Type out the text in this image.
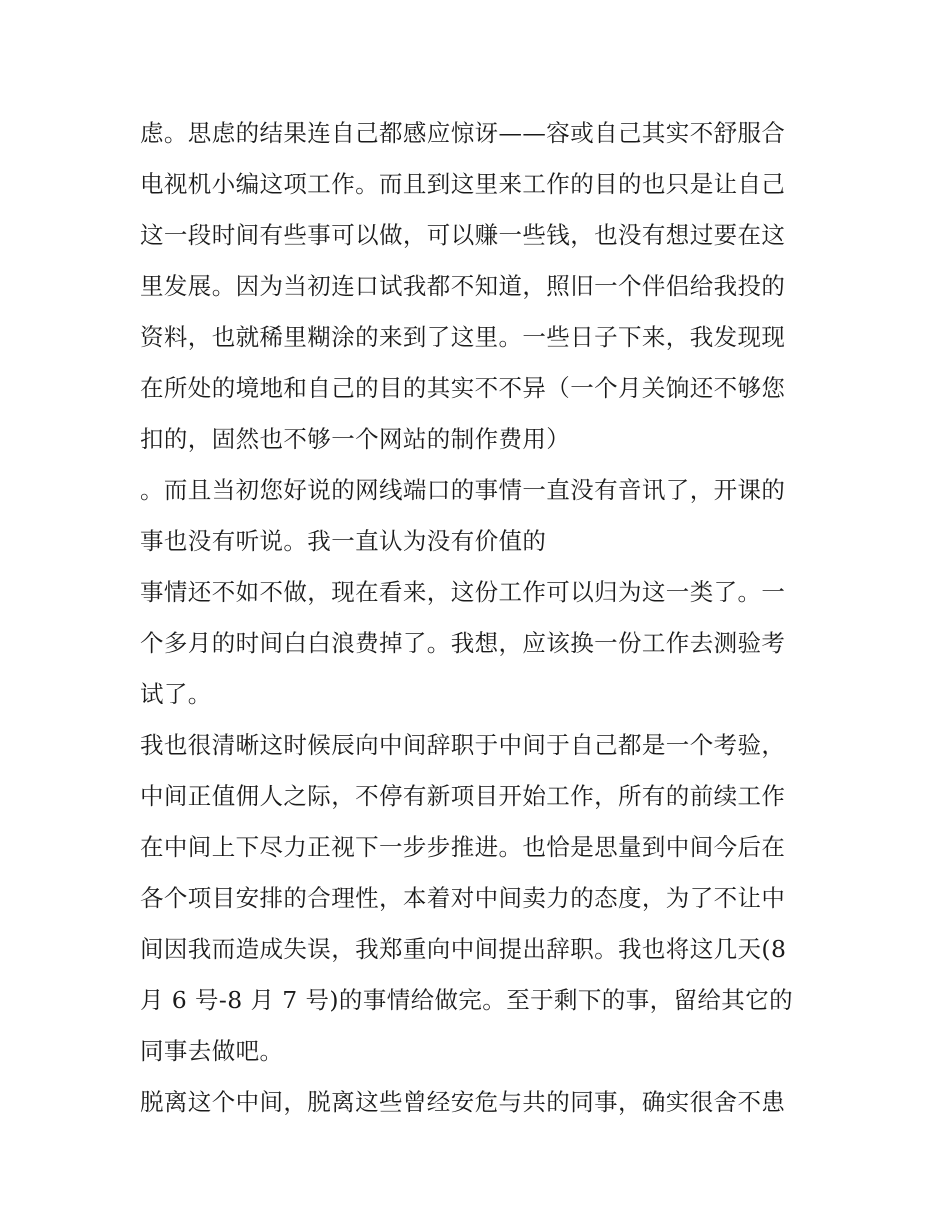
虑。思虑的结果连自己都感应惊讶——容或自己其实不舒服合
电视机小编这项工作。而且到这里来工作的目的也只是让自己
这一段时间有些事可以做，可以赚一些钱，也没有想过要在这
里发展。因为当初连口试我都不知道，照旧一个伴侣给我投的
资料，也就稀里糊涂的来到了这里。一些日子下来，我发现现
在所处的境地和自己的目的其实不不异（一个月关饷还不够您
扣的，固然也不够一个网站的制作费用）
。而且当初您好说的网线端口的事情一直没有音讯了，开课的
事也没有听说。我一直认为没有价值的
事情还不如不做，现在看来，这份工作可以归为这一类了。一
个多月的时间白白浪费掉了。我想，应该换一份工作去测验考
试了。
我也很清晰这时候辰向中间辞职于中间于自己都是一个考验，
中间正值佣人之际，不停有新项目开始工作，所有的前续工作
在中间上下尽力正视下一步步推进。也恰是思量到中间今后在
各个项目安排的合理性，本着对中间卖力的态度，为了不让中
间因我而造成失误，我郑重向中间提出辞职。我也将这几天(8
月 6 号-8 月 7 号)的事情给做完。至于剩下的事，留给其它的
同事去做吧。
脱离这个中间，脱离这些曾经安危与共的同事，确实很舍不患
